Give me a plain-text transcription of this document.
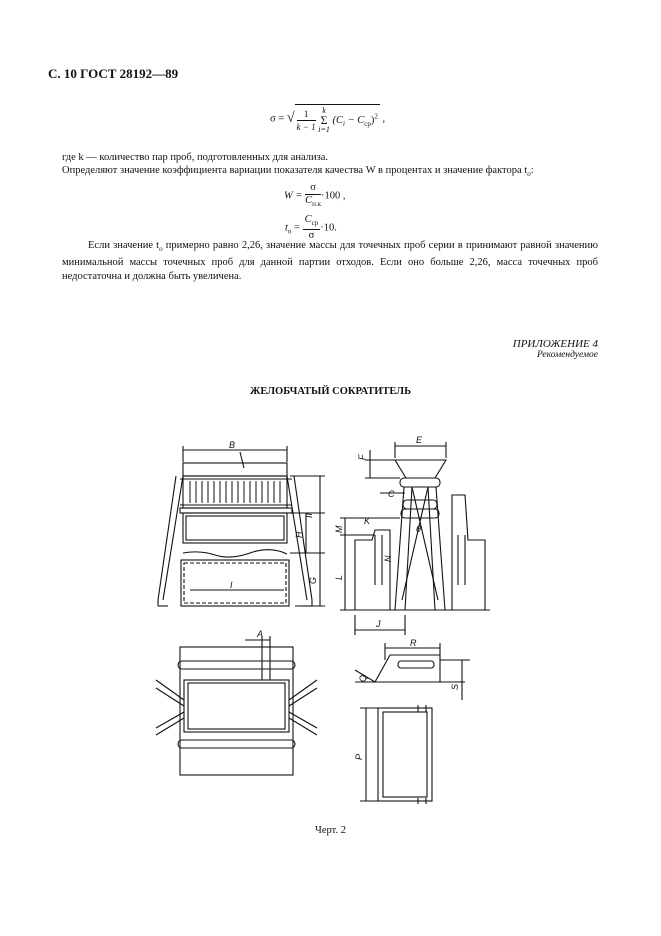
С. 10 ГОСТ 28192—89
σ = √ $\frac{1}{k - 1}$
k
Σ
i=1
$(C_i - C_{ср})^2$ ,
где k — количество пар проб, подготовленных для анализа.
Определяют значение коэффициента вариации показателя качества W в процентах и значение фактора $t_o$:
$W = \frac{\sigma}{C_{п.к}} \cdot 100$ ,
$t_o = \frac{C_{ср}}{\sigma} \cdot 10$.
Если значение $t_o$ примерно равно 2,26, значение массы для точечных проб серии в принимают равной значению минимальной массы точечных проб для данной партии отходов. Если оно больше 2,26, масса точечных проб недостаточна и должна быть увеличена.
ПРИЛОЖЕНИЕ 4
Рекомендуемое
ЖЕЛОБЧАТЫЙ СОКРАТИТЕЛЬ
B
II
H
G
I
A
E
F
C
K
M	θ
N
L
J
R
Q
S
P
Черт. 2
